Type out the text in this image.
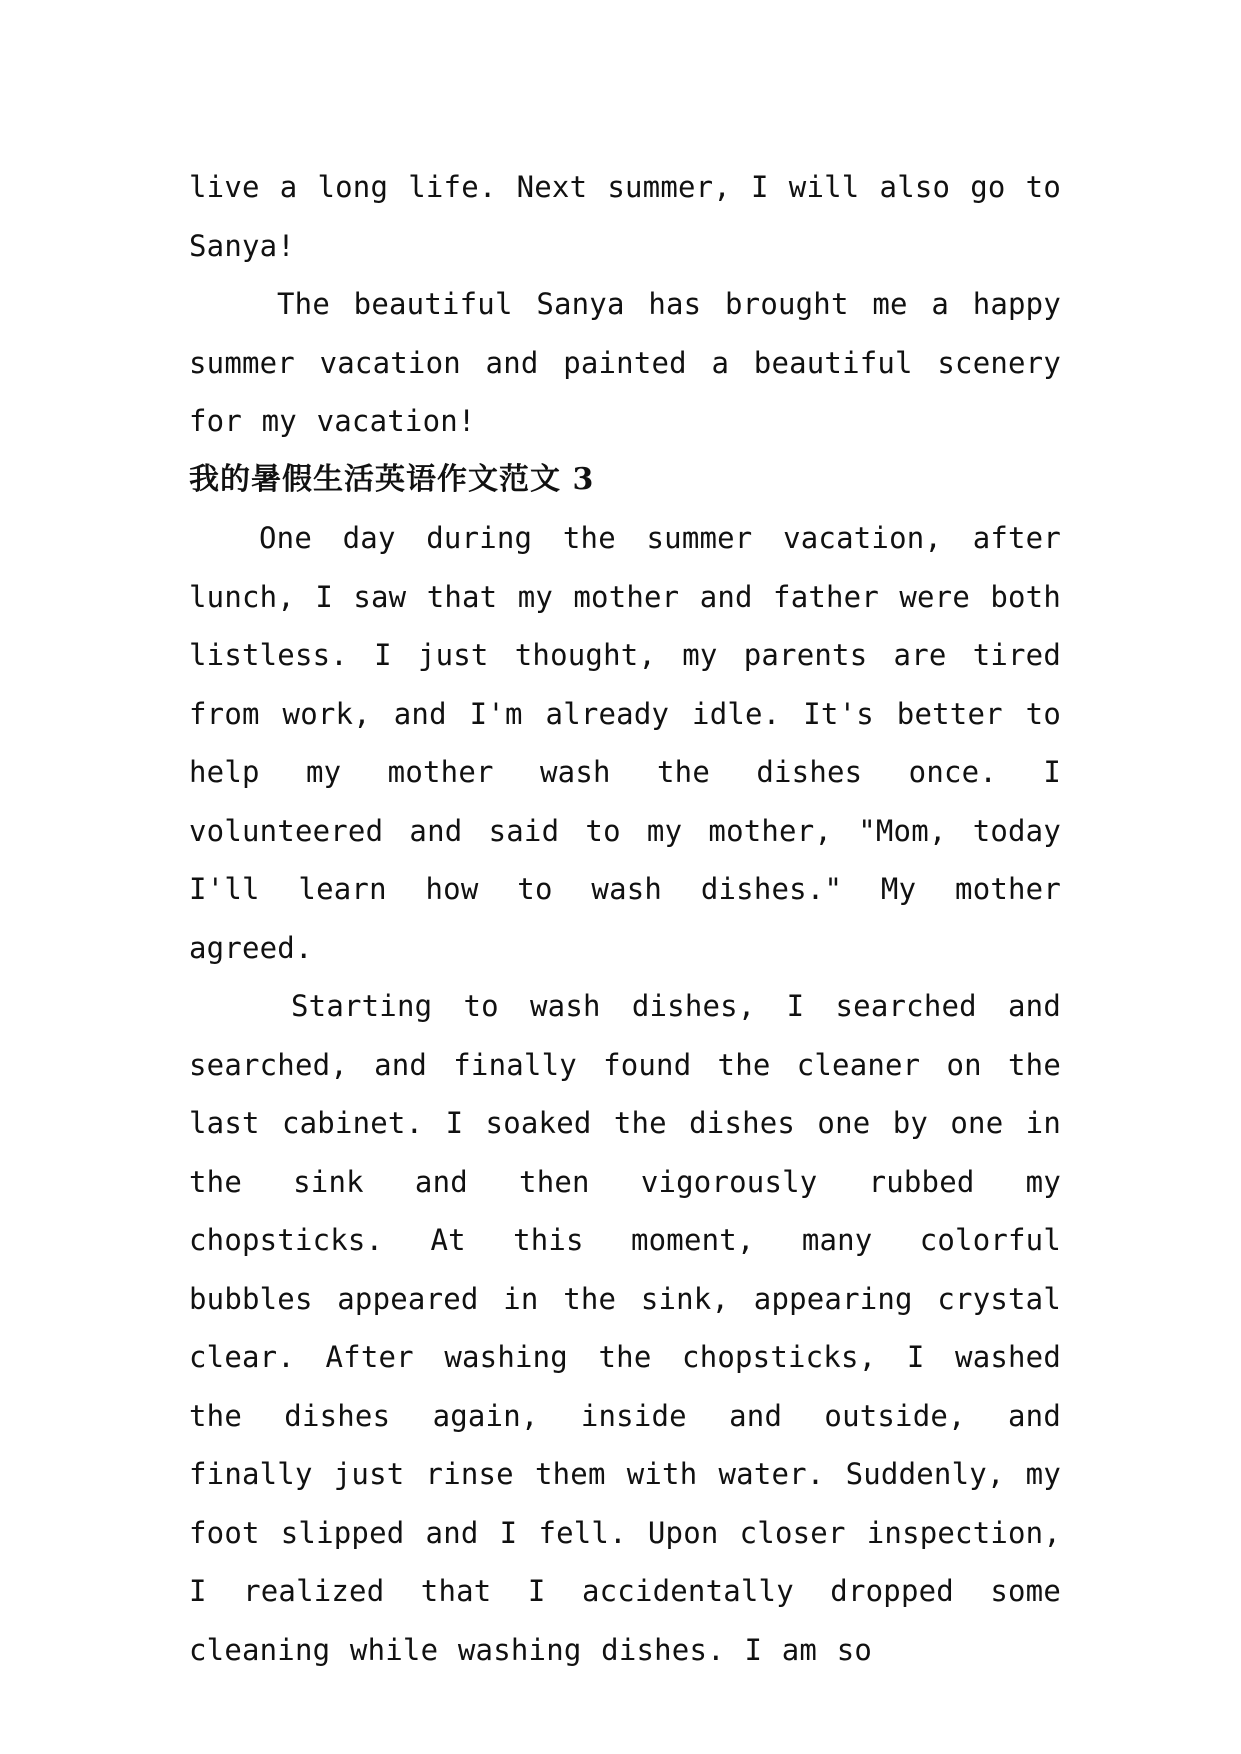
live a long life. Next summer, I will also go to Sanya!

The beautiful Sanya has brought me a happy summer vacation and painted a beautiful scenery for my vacation!

我的暑假生活英语作文范文 3

One day during the summer vacation, after lunch, I saw that my mother and father were both listless. I just thought, my parents are tired from work, and I'm already idle. It's better to help my mother wash the dishes once. I volunteered and said to my mother, "Mom, today I'll learn how to wash dishes." My mother agreed.

Starting to wash dishes, I searched and searched, and finally found the cleaner on the last cabinet. I soaked the dishes one by one in the sink and then vigorously rubbed my chopsticks. At this moment, many colorful bubbles appeared in the sink, appearing crystal clear. After washing the chopsticks, I washed the dishes again, inside and outside, and finally just rinse them with water. Suddenly, my foot slipped and I fell. Upon closer inspection, I realized that I accidentally dropped some cleaning while washing dishes. I am so
